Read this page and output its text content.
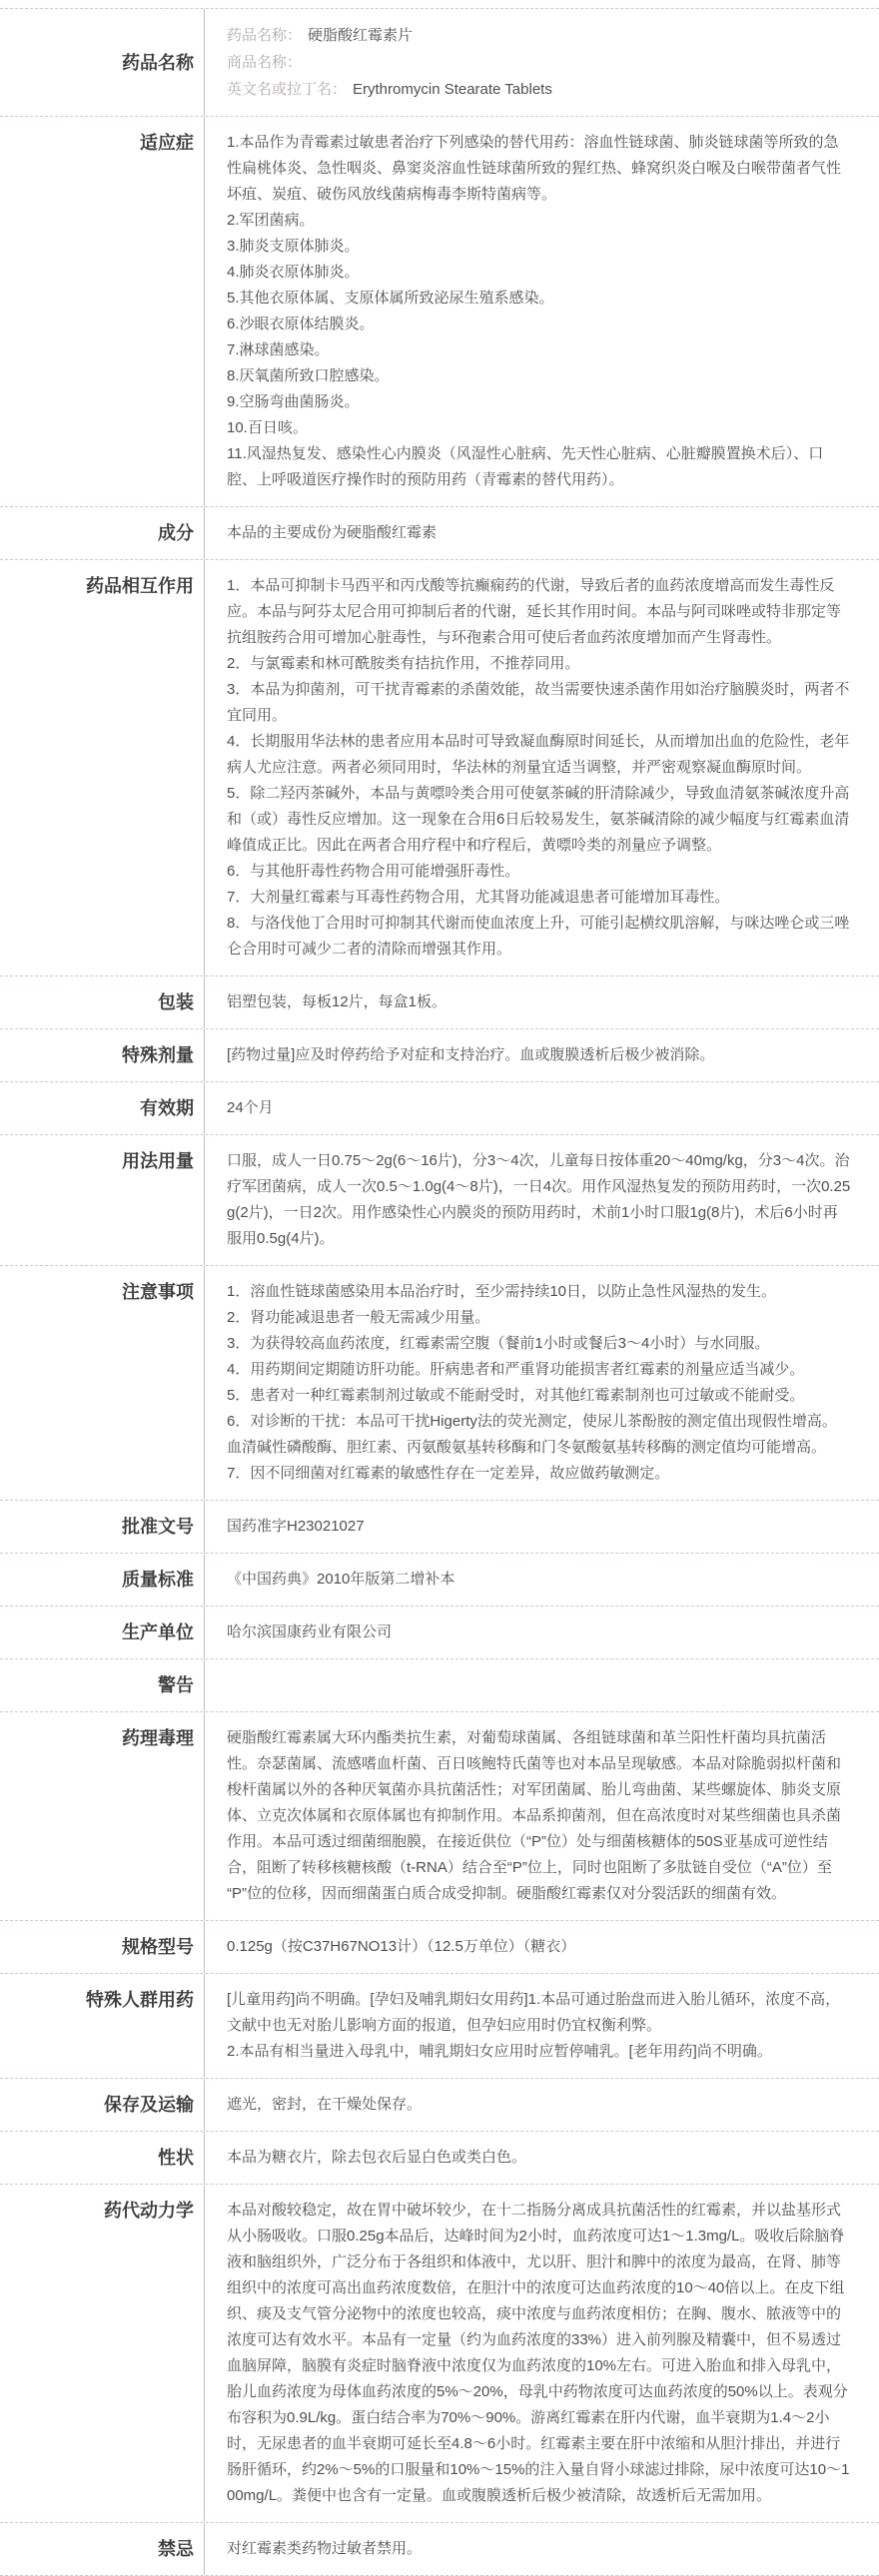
药品名称
药品名称： 硬脂酸红霉素片
商品名称：
英文名或拉丁名： Erythromycin Stearate Tablets
适应症	1.本品作为青霉素过敏患者治疗下列感染的替代用药：溶血性链球菌、肺炎链球菌等所致的急性扁桃体炎、急性咽炎、鼻窦炎溶血性链球菌所致的猩红热、蜂窝织炎白喉及白喉带菌者气性坏疽、炭疽、破伤风放线菌病梅毒李斯特菌病等。
2.军团菌病。
3.肺炎支原体肺炎。
4.肺炎衣原体肺炎。
5.其他衣原体属、支原体属所致泌尿生殖系感染。
6.沙眼衣原体结膜炎。
7.淋球菌感染。
8.厌氧菌所致口腔感染。
9.空肠弯曲菌肠炎。
10.百日咳。
11.风湿热复发、感染性心内膜炎（风湿性心脏病、先天性心脏病、心脏瓣膜置换术后）、口腔、上呼吸道医疗操作时的预防用药（青霉素的替代用药）。
成分	本品的主要成份为硬脂酸红霉素
药品相互作用	1．本品可抑制卡马西平和丙戊酸等抗癫痫药的代谢，导致后者的血药浓度增高而发生毒性反应。本品与阿芬太尼合用可抑制后者的代谢，延长其作用时间。本品与阿司咪唑或特非那定等抗组胺药合用可增加心脏毒性，与环孢素合用可使后者血药浓度增加而产生肾毒性。
2．与氯霉素和林可酰胺类有拮抗作用，不推荐同用。
3．本品为抑菌剂，可干扰青霉素的杀菌效能，故当需要快速杀菌作用如治疗脑膜炎时，两者不宜同用。
4．长期服用华法林的患者应用本品时可导致凝血酶原时间延长，从而增加出血的危险性，老年病人尤应注意。两者必须同用时，华法林的剂量宜适当调整，并严密观察凝血酶原时间。
5．除二羟丙茶碱外，本品与黄嘌呤类合用可使氨茶碱的肝清除减少，导致血清氨茶碱浓度升高和（或）毒性反应增加。这一现象在合用6日后较易发生，氨茶碱清除的减少幅度与红霉素血清峰值成正比。因此在两者合用疗程中和疗程后，黄嘌呤类的剂量应予调整。
6．与其他肝毒性药物合用可能增强肝毒性。
7．大剂量红霉素与耳毒性药物合用，尤其肾功能减退患者可能增加耳毒性。
8．与洛伐他丁合用时可抑制其代谢而使血浓度上升，可能引起横纹肌溶解，与咪达唑仑或三唑仑合用时可减少二者的清除而增强其作用。
包装	铝塑包装，每板12片，每盒1板。
特殊剂量	[药物过量]应及时停药给予对症和支持治疗。血或腹膜透析后极少被消除。
有效期	24个月
用法用量	口服，成人一日0.75～2g(6～16片)，分3～4次，儿童每日按体重20～40mg/kg，分3～4次。治疗军团菌病，成人一次0.5～1.0g(4～8片)，一日4次。用作风湿热复发的预防用药时，一次0.25g(2片)，一日2次。用作感染性心内膜炎的预防用药时，术前1小时口服1g(8片)，术后6小时再服用0.5g(4片)。
注意事项	1．溶血性链球菌感染用本品治疗时，至少需持续10日，以防止急性风湿热的发生。
2．肾功能减退患者一般无需减少用量。
3．为获得较高血药浓度，红霉素需空腹（餐前1小时或餐后3～4小时）与水同服。
4．用药期间定期随访肝功能。肝病患者和严重肾功能损害者红霉素的剂量应适当减少。
5．患者对一种红霉素制剂过敏或不能耐受时，对其他红霉素制剂也可过敏或不能耐受。
6．对诊断的干扰：本品可干扰Higerty法的荧光测定，使尿儿茶酚胺的测定值出现假性增高。血清碱性磷酸酶、胆红素、丙氨酸氨基转移酶和门冬氨酸氨基转移酶的测定值均可能增高。
7．因不同细菌对红霉素的敏感性存在一定差异，故应做药敏测定。
批准文号	国药准字H23021027
质量标准	《中国药典》2010年版第二增补本
生产单位	哈尔滨国康药业有限公司
警告
药理毒理	硬脂酸红霉素属大环内酯类抗生素，对葡萄球菌属、各组链球菌和革兰阳性杆菌均具抗菌活性。奈瑟菌属、流感嗜血杆菌、百日咳鲍特氏菌等也对本品呈现敏感。本品对除脆弱拟杆菌和梭杆菌属以外的各种厌氧菌亦具抗菌活性；对军团菌属、胎儿弯曲菌、某些螺旋体、肺炎支原体、立克次体属和衣原体属也有抑制作用。本品系抑菌剂，但在高浓度时对某些细菌也具杀菌作用。本品可透过细菌细胞膜，在接近供位（“P”位）处与细菌核糖体的50S亚基成可逆性结合，阻断了转移核糖核酸（t-RNA）结合至“P”位上，同时也阻断了多肽链自受位（“A”位）至“P”位的位移，因而细菌蛋白质合成受抑制。硬脂酸红霉素仅对分裂活跃的细菌有效。
规格型号	0.125g（按C37H67NO13计）（12.5万单位）（糖衣）
特殊人群用药	[儿童用药]尚不明确。[孕妇及哺乳期妇女用药]1.本品可通过胎盘而进入胎儿循环，浓度不高，文献中也无对胎儿影响方面的报道，但孕妇应用时仍宜权衡利弊。
2.本品有相当量进入母乳中，哺乳期妇女应用时应暂停哺乳。[老年用药]尚不明确。
保存及运输	遮光，密封，在干燥处保存。
性状	本品为糖衣片，除去包衣后显白色或类白色。
药代动力学	本品对酸较稳定，故在胃中破坏较少，在十二指肠分离成具抗菌活性的红霉素，并以盐基形式从小肠吸收。口服0.25g本品后，达峰时间为2小时，血药浓度可达1～1.3mg/L。吸收后除脑脊液和脑组织外，广泛分布于各组织和体液中，尤以肝、胆汁和脾中的浓度为最高，在肾、肺等组织中的浓度可高出血药浓度数倍，在胆汁中的浓度可达血药浓度的10～40倍以上。在皮下组织、痰及支气管分泌物中的浓度也较高，痰中浓度与血药浓度相仿；在胸、腹水、脓液等中的浓度可达有效水平。本品有一定量（约为血药浓度的33%）进入前列腺及精囊中，但不易透过血脑屏障，脑膜有炎症时脑脊液中浓度仅为血药浓度的10%左右。可进入胎血和排入母乳中，胎儿血药浓度为母体血药浓度的5%～20%，母乳中药物浓度可达血药浓度的50%以上。表观分布容积为0.9L/kg。蛋白结合率为70%～90%。游离红霉素在肝内代谢，血半衰期为1.4～2小时，无尿患者的血半衰期可延长至4.8～6小时。红霉素主要在肝中浓缩和从胆汁排出，并进行肠肝循环，约2%～5%的口服量和10%～15%的注入量自肾小球滤过排除，尿中浓度可达10～100mg/L。粪便中也含有一定量。血或腹膜透析后极少被清除，故透析后无需加用。
禁忌	对红霉素类药物过敏者禁用。
